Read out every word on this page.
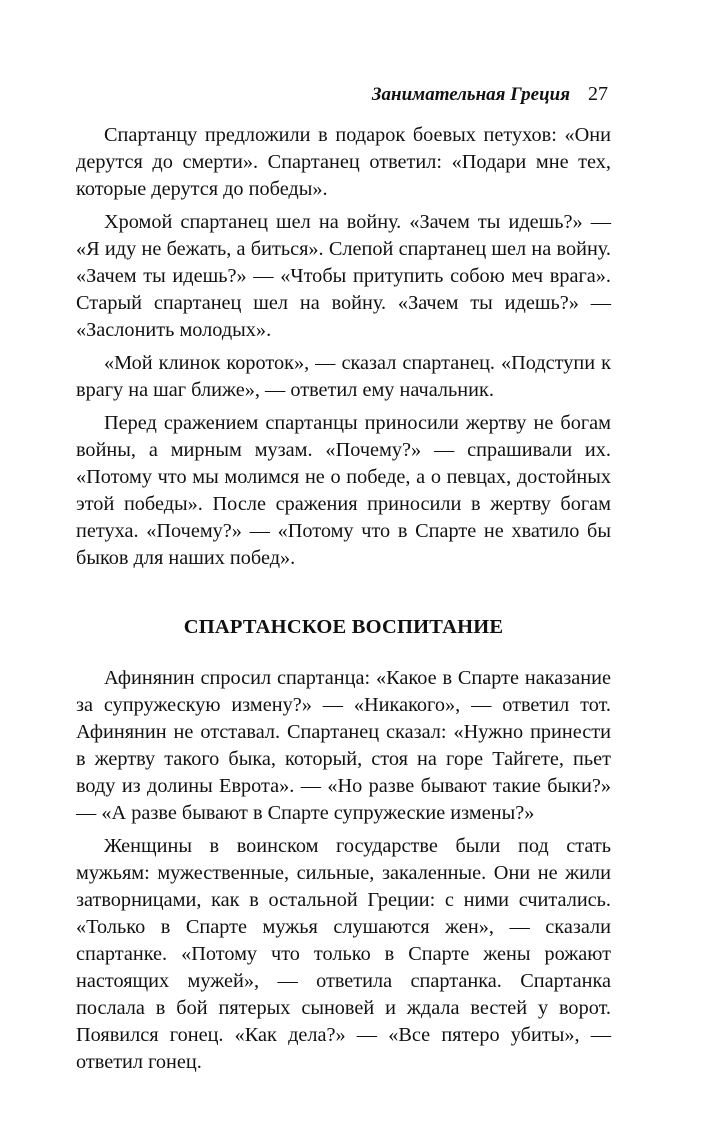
Занимательная Греция 27

Спартанцу предложили в подарок боевых петухов: «Они дерутся до смерти». Спартанец ответил: «Подари мне тех, которые дерутся до победы».

Хромой спартанец шел на войну. «Зачем ты идешь?» — «Я иду не бежать, а биться». Слепой спартанец шел на войну. «Зачем ты идешь?» — «Чтобы притупить собою меч врага». Старый спартанец шел на войну. «Зачем ты идешь?» — «Заслонить молодых».

«Мой клинок короток», — сказал спартанец. «Подступи к врагу на шаг ближе», — ответил ему начальник.

Перед сражением спартанцы приносили жертву не богам войны, а мирным музам. «Почему?» — спрашивали их. «Потому что мы молимся не о победе, а о певцах, достойных этой победы». После сражения приносили в жертву богам петуха. «Почему?» — «Потому что в Спарте не хватило бы быков для наших побед».

СПАРТАНСКОЕ ВОСПИТАНИЕ

Афинянин спросил спартанца: «Какое в Спарте наказание за супружескую измену?» — «Никакого», — ответил тот. Афинянин не отставал. Спартанец сказал: «Нужно принести в жертву такого быка, который, стоя на горе Тайгете, пьет воду из долины Еврота». — «Но разве бывают такие быки?» — «А разве бывают в Спарте супружеские измены?»

Женщины в воинском государстве были под стать мужьям: мужественные, сильные, закаленные. Они не жили затворницами, как в остальной Греции: с ними считались. «Только в Спарте мужья слушаются жен», — сказали спартанке. «Потому что только в Спарте жены рожают настоящих мужей», — ответила спартанка. Спартанка послала в бой пятерых сыновей и ждала вестей у ворот. Появился гонец. «Как дела?» — «Все пятеро убиты», — ответил гонец.
